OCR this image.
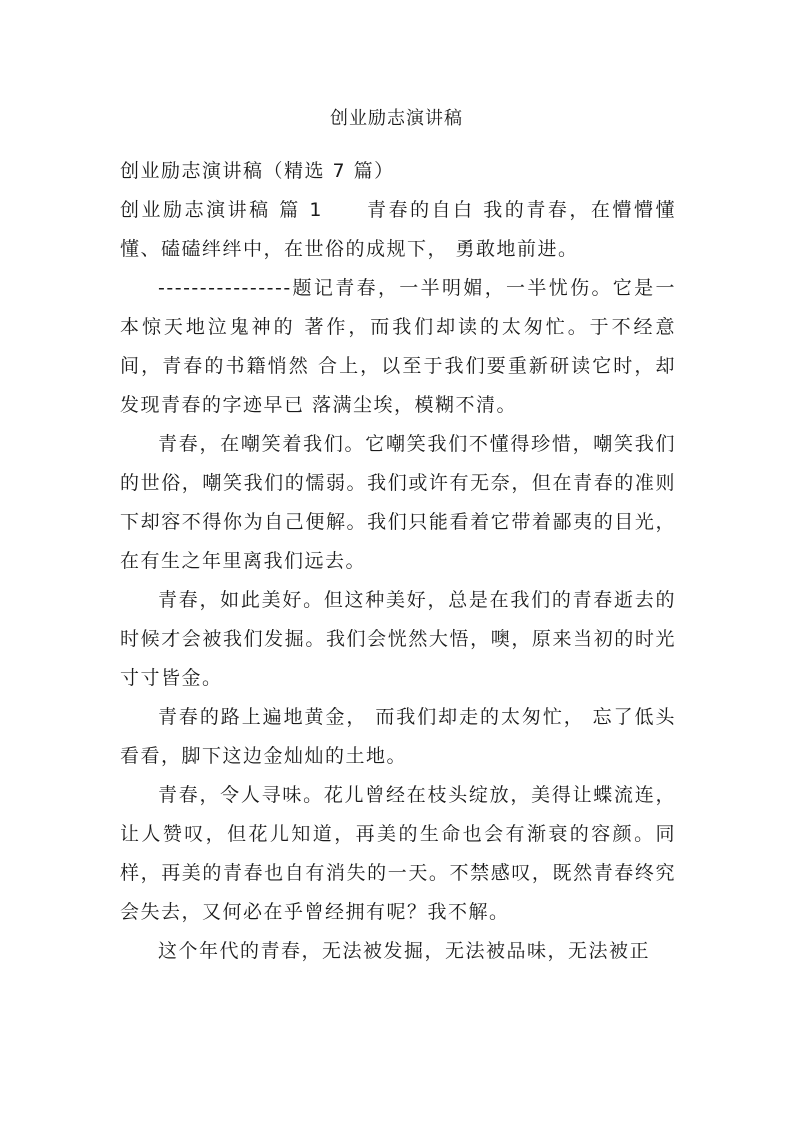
创业励志演讲稿
创业励志演讲稿（精选 7 篇）

创业励志演讲稿 篇 1　　青春的自白 我的青春，在懵懵懂懂、磕磕绊绊中，在世俗的成规下， 勇敢地前进。

----------------题记青春，一半明媚，一半忧伤。它是一本惊天地泣鬼神的 著作，而我们却读的太匆忙。于不经意间，青春的书籍悄然 合上，以至于我们要重新研读它时，却发现青春的字迹早已 落满尘埃，模糊不清。

青春，在嘲笑着我们。它嘲笑我们不懂得珍惜，嘲笑我们的世俗，嘲笑我们的懦弱。我们或许有无奈，但在青春的准则下却容不得你为自己便解。我们只能看着它带着鄙夷的目光，在有生之年里离我们远去。

青春，如此美好。但这种美好，总是在我们的青春逝去的时候才会被我们发掘。我们会恍然大悟，噢，原来当初的时光寸寸皆金。

青春的路上遍地黄金， 而我们却走的太匆忙， 忘了低头看看，脚下这边金灿灿的土地。

青春，令人寻味。花儿曾经在枝头绽放，美得让蝶流连，让人赞叹，但花儿知道，再美的生命也会有渐衰的容颜。同样，再美的青春也自有消失的一天。不禁感叹，既然青春终究会失去，又何必在乎曾经拥有呢？我不解。

这个年代的青春，无法被发掘，无法被品味，无法被正
